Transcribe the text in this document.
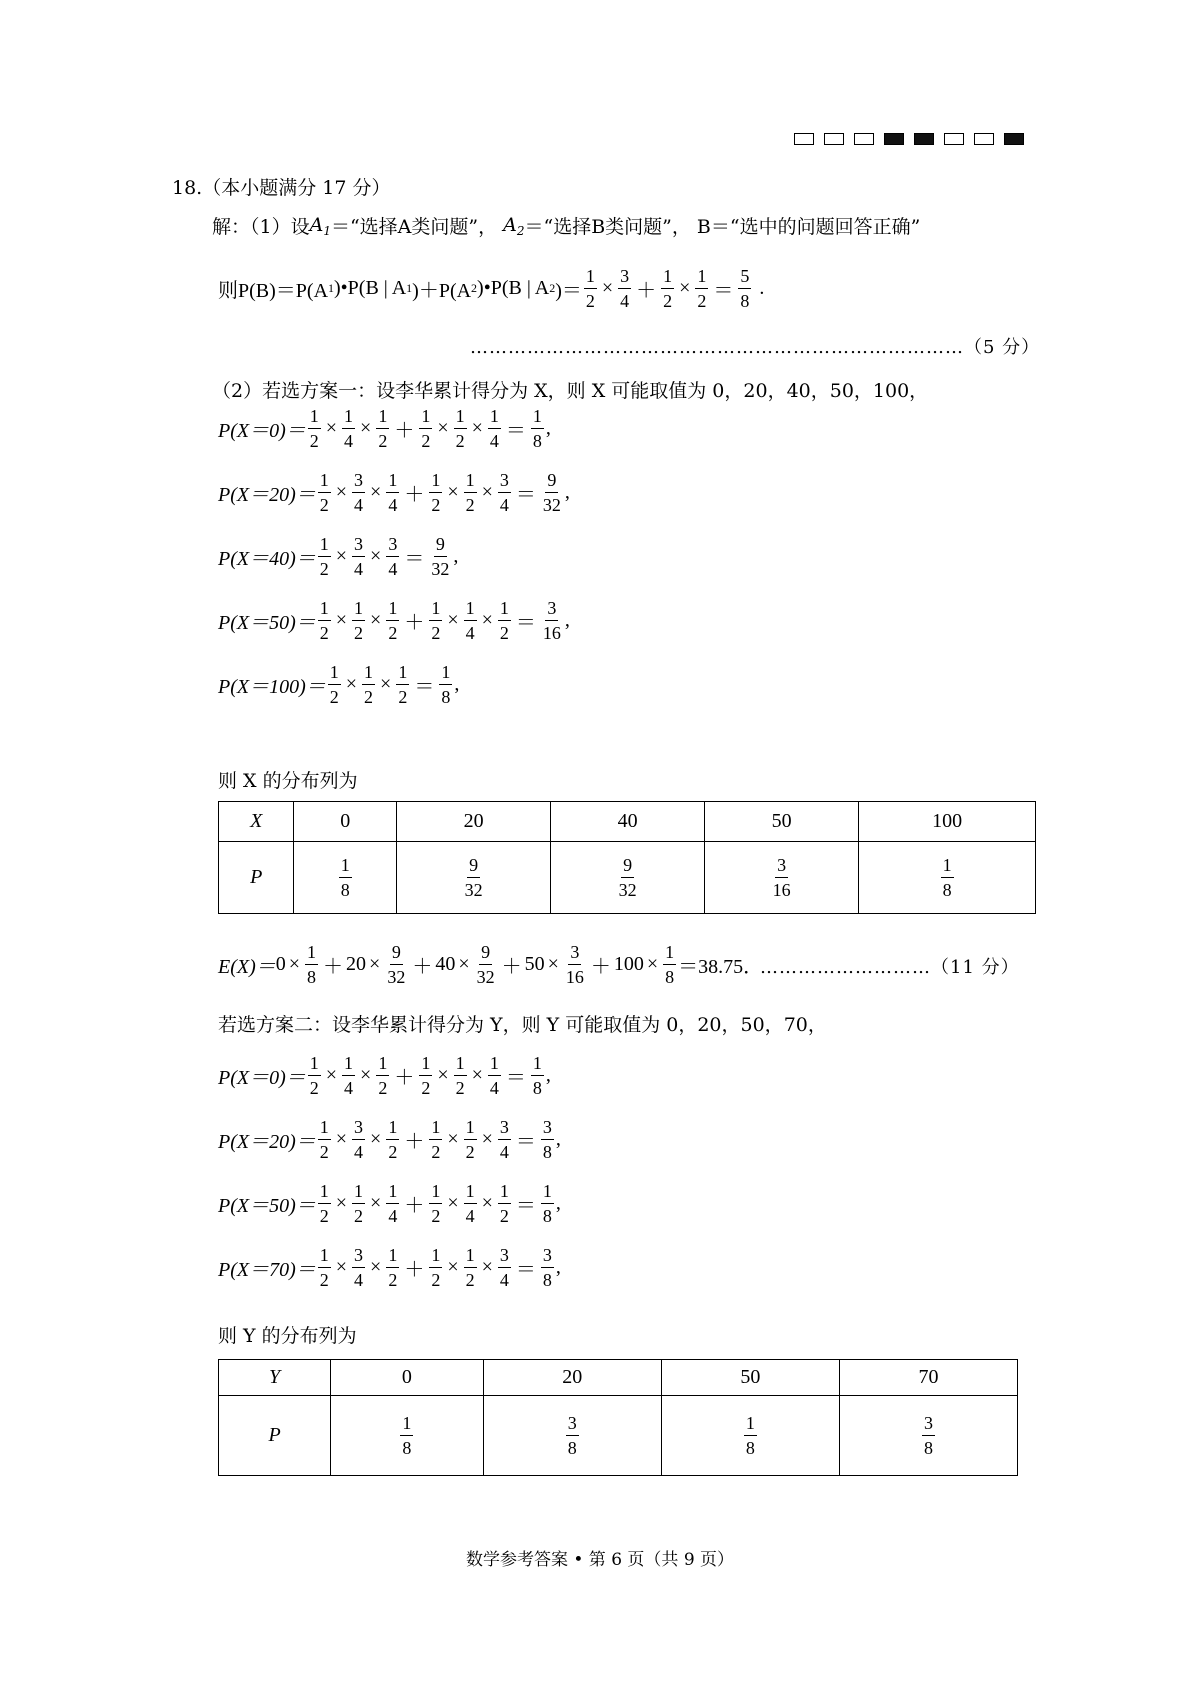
18.（本小题满分 17 分）
解：（1）设 $A_1$ ＝“选择A类问题”， $A_2$ ＝“选择B类问题”， B＝“选中的问题回答正确”
则P(B)＝P(A 1 )•P(B | A 1 )＋P(A 2 )•P(B | A 2 )＝ $\frac{1}{2} \times \frac{3}{4} + \frac{1}{2} \times \frac{1}{2} = \frac{5}{8}$ .
……………………………………………………………………（5 分）
（2）若选方案一：设李华累计得分为 X，则 X 可能取值为 0，20，40，50，100，
$P(X=0)= \frac{1}{2} \times \frac{1}{4} \times \frac{1}{2} + \frac{1}{2} \times \frac{1}{2} \times \frac{1}{4} = \frac{1}{8}$ ,
$P(X=20)= \frac{1}{2} \times \frac{3}{4} \times \frac{1}{4} + \frac{1}{2} \times \frac{1}{2} \times \frac{3}{4} = \frac{9}{32}$ ,
$P(X=40)= \frac{1}{2} \times \frac{3}{4} \times \frac{3}{4} = \frac{9}{32}$ ,
$P(X=50)= \frac{1}{2} \times \frac{1}{2} \times \frac{1}{2} + \frac{1}{2} \times \frac{1}{4} \times \frac{1}{2} = \frac{3}{16}$ ,
$P(X=100)= \frac{1}{2} \times \frac{1}{2} \times \frac{1}{2} = \frac{1}{8}$ ,
则 X 的分布列为
X	0	20	40	50	100
P	$\frac{1}{8}$	$\frac{9}{32}$	$\frac{9}{32}$	$\frac{3}{16}$	$\frac{1}{8}$
$E(X)= 0 \times \frac{1}{8} + 20 \times \frac{9}{32} + 40 \times \frac{9}{32} + 50 \times \frac{3}{16} + 100 \times \frac{1}{8} =38.75$．
………………………（11 分）
若选方案二：设李华累计得分为 Y，则 Y 可能取值为 0，20，50，70，
$P(X=0)= \frac{1}{2} \times \frac{1}{4} \times \frac{1}{2} + \frac{1}{2} \times \frac{1}{2} \times \frac{1}{4} = \frac{1}{8}$ ,
$P(X=20)= \frac{1}{2} \times \frac{3}{4} \times \frac{1}{2} + \frac{1}{2} \times \frac{1}{2} \times \frac{3}{4} = \frac{3}{8}$ ,
$P(X=50)= \frac{1}{2} \times \frac{1}{2} \times \frac{1}{4} + \frac{1}{2} \times \frac{1}{4} \times \frac{1}{2} = \frac{1}{8}$ ,
$P(X=70)= \frac{1}{2} \times \frac{3}{4} \times \frac{1}{2} + \frac{1}{2} \times \frac{1}{2} \times \frac{3}{4} = \frac{3}{8}$ ,
则 Y 的分布列为
Y	0	20	50	70
P	$\frac{1}{8}$	$\frac{3}{8}$	$\frac{1}{8}$	$\frac{3}{8}$
数学参考答案 • 第 6 页（共 9 页）
